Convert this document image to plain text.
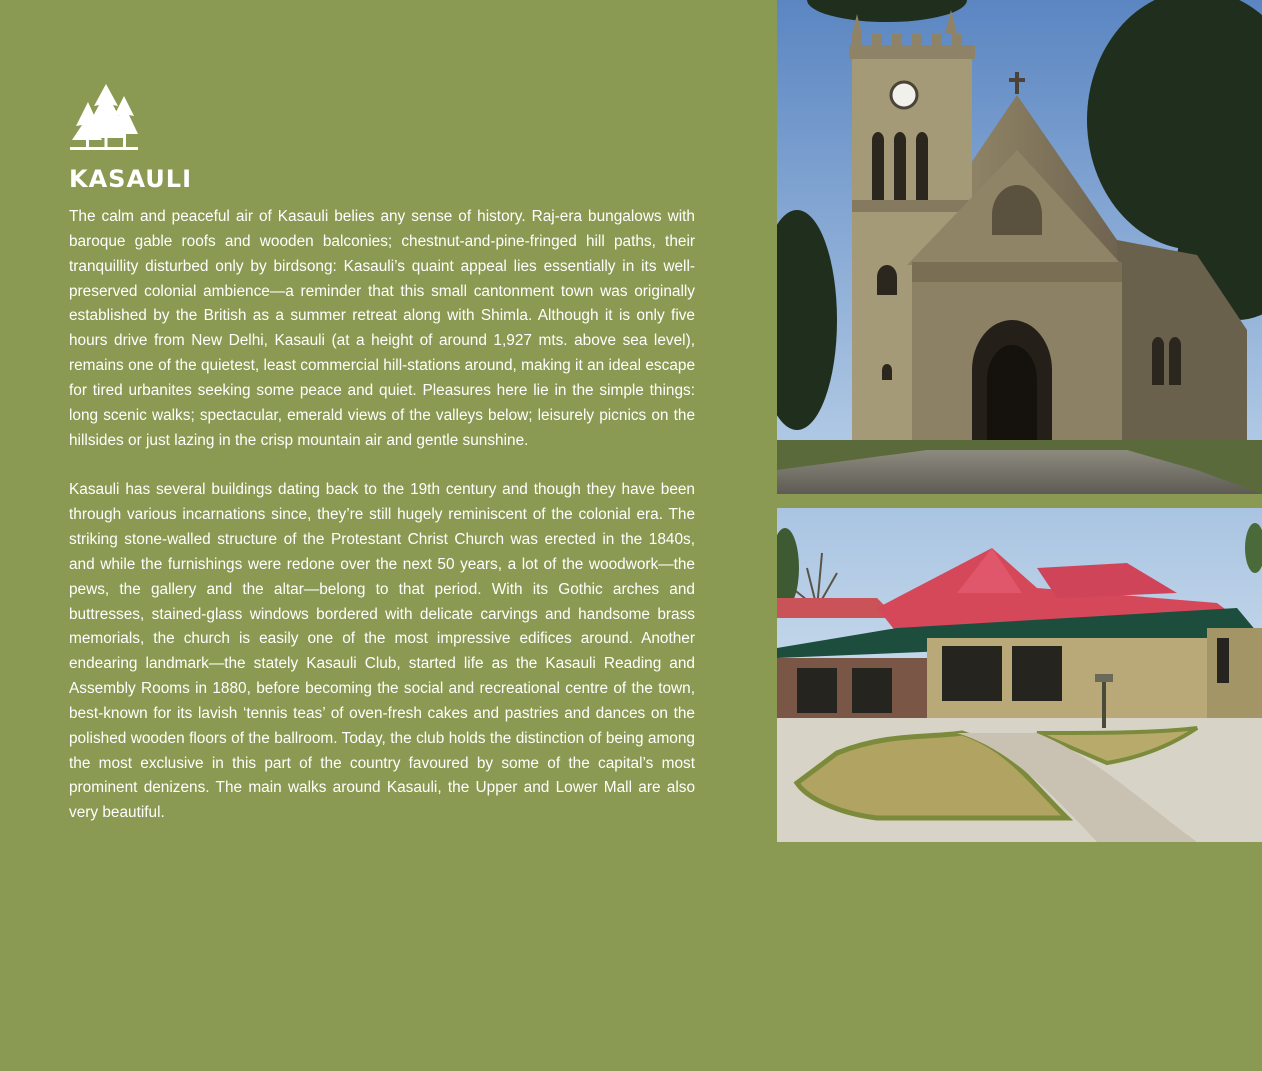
KASAULI

The calm and peaceful air of Kasauli belies any sense of history. Raj-era bungalows with baroque gable roofs and wooden balconies; chestnut-and-pine-fringed hill paths, their tranquillity disturbed only by birdsong: Kasauli’s quaint appeal lies essentially in its well-preserved colonial ambience—a reminder that this small cantonment town was originally established by the British as a summer retreat along with Shimla. Although it is only five hours drive from New Delhi, Kasauli (at a height of around 1,927 mts. above sea level), remains one of the quietest, least commercial hill-stations around, making it an ideal escape for tired urbanites seeking some peace and quiet. Pleasures here lie in the simple things: long scenic walks; spectacular, emerald views of the valleys below; leisurely picnics on the hillsides or just lazing in the crisp mountain air and gentle sunshine.

Kasauli has several buildings dating back to the 19th century and though they have been through various incarnations since, they’re still hugely reminiscent of the colonial era. The striking stone-walled structure of the Protestant Christ Church was erected in the 1840s, and while the furnishings were redone over the next 50 years, a lot of the woodwork—the pews, the gallery and the altar—belong to that period. With its Gothic arches and buttresses, stained-glass windows bordered with delicate carvings and handsome brass memorials, the church is easily one of the most impressive edifices around. Another endearing landmark—the stately Kasauli Club, started life as the Kasauli Reading and Assembly Rooms in 1880, before becoming the social and recreational centre of the town, best-known for its lavish ‘tennis teas’ of oven-fresh cakes and pastries and dances on the polished wooden floors of the ballroom. Today, the club holds the distinction of being among the most exclusive in this part of the country favoured by some of the capital’s most prominent denizens. The main walks around Kasauli, the Upper and Lower Mall are also very beautiful.
